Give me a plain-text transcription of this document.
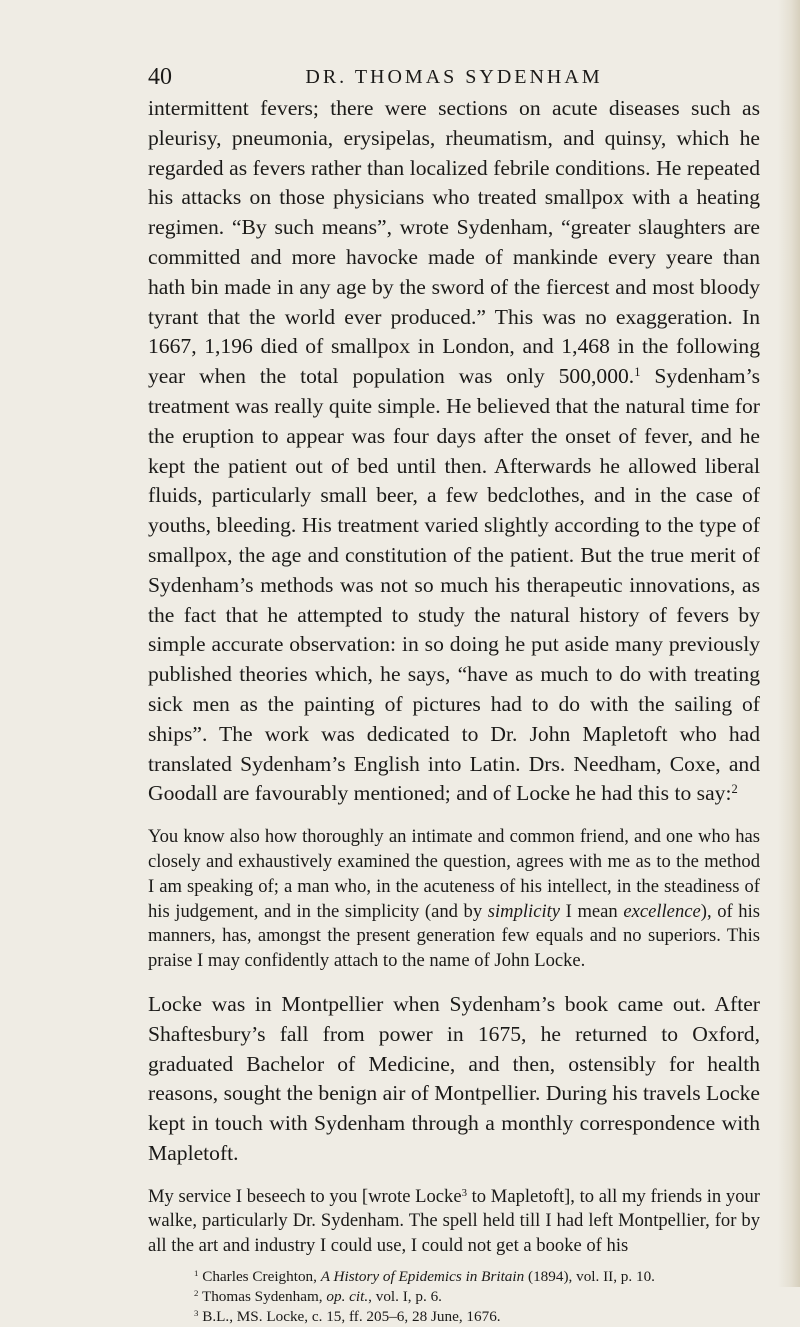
40	DR. THOMAS SYDENHAM

intermittent fevers; there were sections on acute diseases such as pleurisy, pneumonia, erysipelas, rheumatism, and quinsy, which he regarded as fevers rather than localized febrile conditions. He repeated his attacks on those physicians who treated smallpox with a heating regimen. “By such means”, wrote Sydenham, “greater slaughters are committed and more havocke made of mankinde every yeare than hath bin made in any age by the sword of the fiercest and most bloody tyrant that the world ever produced.” This was no exaggeration. In 1667, 1,196 died of smallpox in London, and 1,468 in the following year when the total population was only 500,000.$^1$ Sydenham’s treatment was really quite simple. He believed that the natural time for the eruption to appear was four days after the onset of fever, and he kept the patient out of bed until then. Afterwards he allowed liberal fluids, particularly small beer, a few bedclothes, and in the case of youths, bleeding. His treatment varied slightly according to the type of smallpox, the age and constitution of the patient. But the true merit of Sydenham’s methods was not so much his therapeutic innovations, as the fact that he attempted to study the natural history of fevers by simple accurate observation: in so doing he put aside many previously published theories which, he says, “have as much to do with treating sick men as the painting of pictures had to do with the sailing of ships”. The work was dedicated to Dr. John Mapletoft who had translated Sydenham’s English into Latin. Drs. Needham, Coxe, and Goodall are favourably mentioned; and of Locke he had this to say:$^2$

You know also how thoroughly an intimate and common friend, and one who has closely and exhaustively examined the question, agrees with me as to the method I am speaking of; a man who, in the acuteness of his intellect, in the steadiness of his judgement, and in the simplicity (and by simplicity I mean excellence), of his manners, has, amongst the present generation few equals and no superiors. This praise I may confidently attach to the name of John Locke.

Locke was in Montpellier when Sydenham’s book came out. After Shaftesbury’s fall from power in 1675, he returned to Oxford, graduated Bachelor of Medicine, and then, ostensibly for health reasons, sought the benign air of Montpellier. During his travels Locke kept in touch with Sydenham through a monthly correspondence with Mapletoft.

My service I beseech to you [wrote Locke$^3$ to Mapletoft], to all my friends in your walke, particularly Dr. Sydenham. The spell held till I had left Montpellier, for by all the art and industry I could use, I could not get a booke of his

$^1$ Charles Creighton, A History of Epidemics in Britain (1894), vol. II, p. 10.
$^2$ Thomas Sydenham, op. cit., vol. I, p. 6.
$^3$ B.L., MS. Locke, c. 15, ff. 205–6, 28 June, 1676.
